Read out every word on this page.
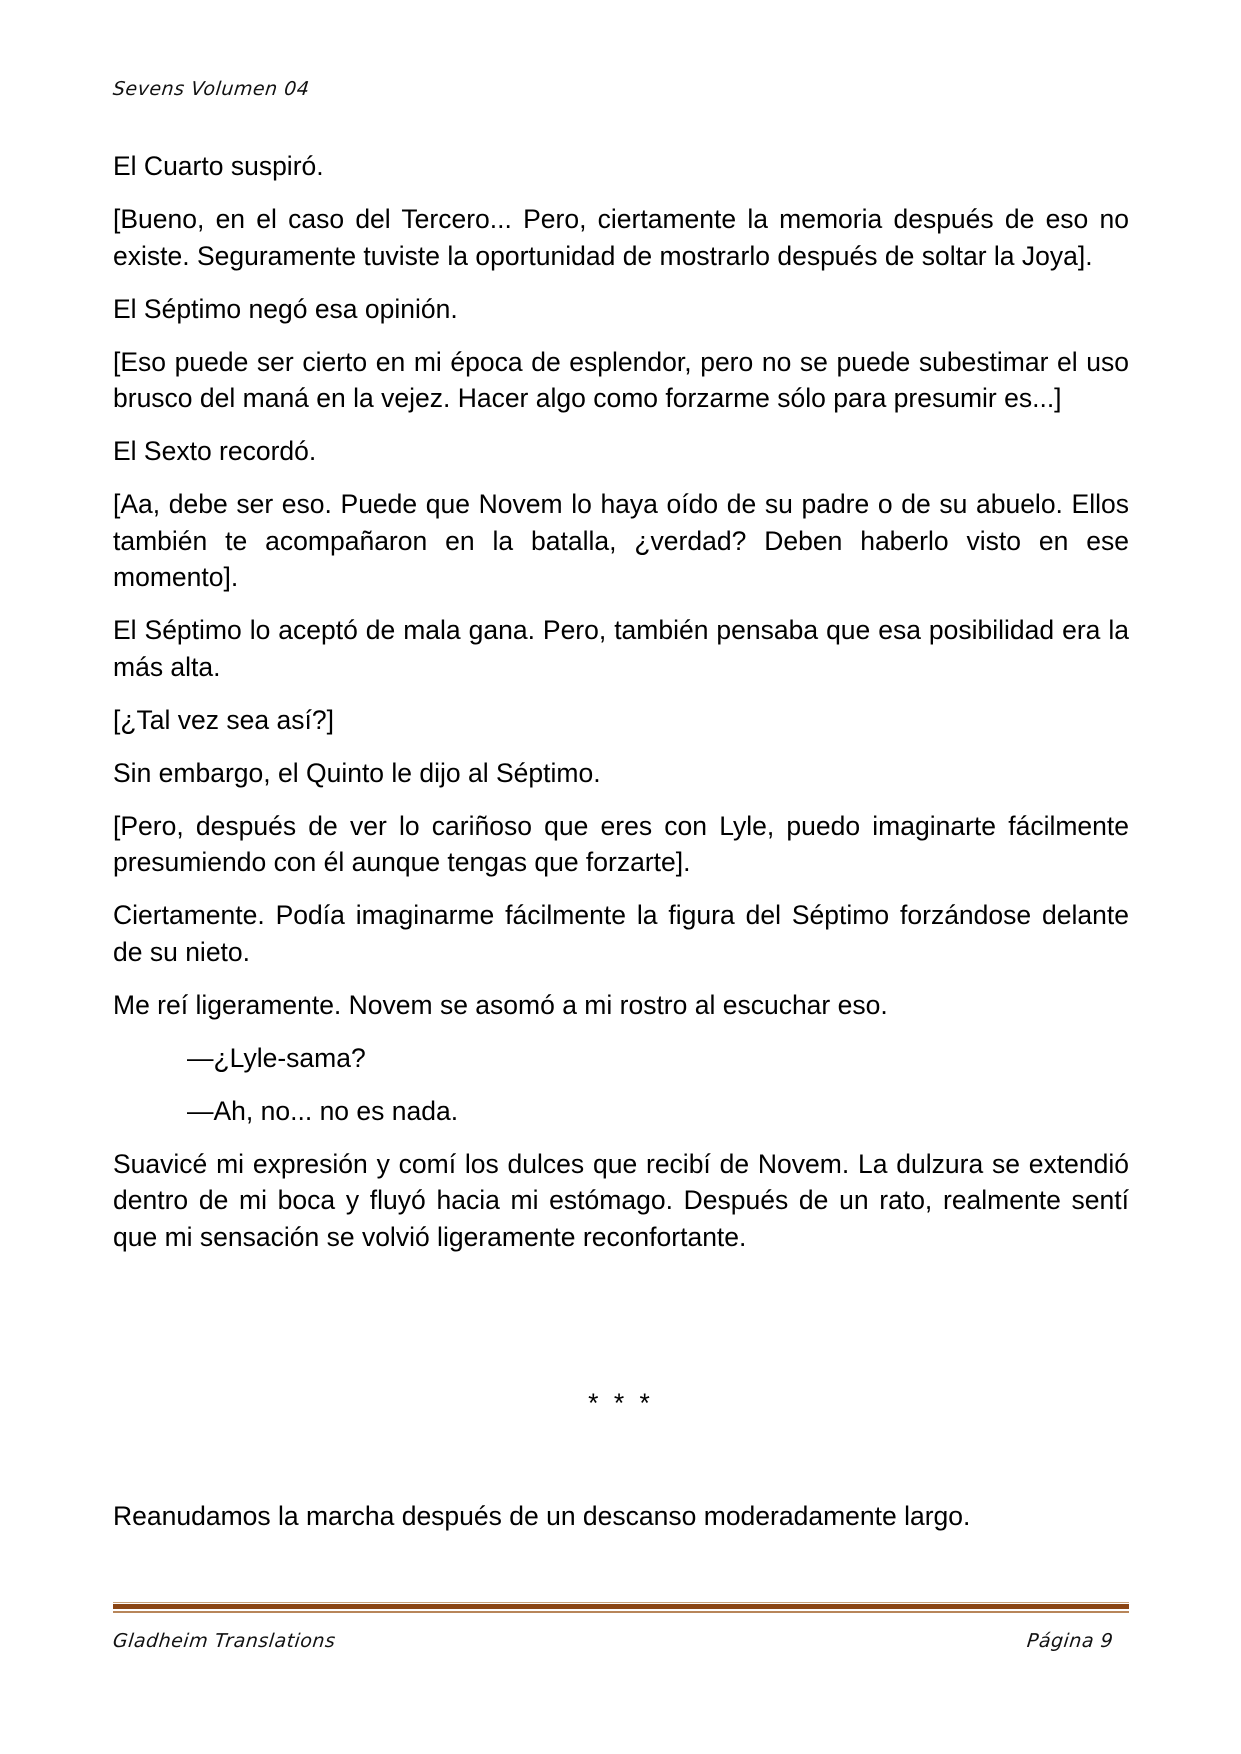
Sevens Volumen 04

El Cuarto suspiró.

[Bueno, en el caso del Tercero... Pero, ciertamente la memoria después de eso no existe. Seguramente tuviste la oportunidad de mostrarlo después de soltar la Joya].

El Séptimo negó esa opinión.

[Eso puede ser cierto en mi época de esplendor, pero no se puede subestimar el uso brusco del maná en la vejez. Hacer algo como forzarme sólo para presumir es...]

El Sexto recordó.

[Aa, debe ser eso. Puede que Novem lo haya oído de su padre o de su abuelo. Ellos también te acompañaron en la batalla, ¿verdad? Deben haberlo visto en ese momento].

El Séptimo lo aceptó de mala gana. Pero, también pensaba que esa posibilidad era la más alta.

[¿Tal vez sea así?]

Sin embargo, el Quinto le dijo al Séptimo.

[Pero, después de ver lo cariñoso que eres con Lyle, puedo imaginarte fácilmente presumiendo con él aunque tengas que forzarte].

Ciertamente. Podía imaginarme fácilmente la figura del Séptimo forzándose delante de su nieto.

Me reí ligeramente. Novem se asomó a mi rostro al escuchar eso.

—¿Lyle-sama?

—Ah, no... no es nada.

Suavicé mi expresión y comí los dulces que recibí de Novem. La dulzura se extendió dentro de mi boca y fluyó hacia mi estómago. Después de un rato, realmente sentí que mi sensación se volvió ligeramente reconfortante.

* * *
Reanudamos la marcha después de un descanso moderadamente largo.
Gladheim Translations	Página 9
